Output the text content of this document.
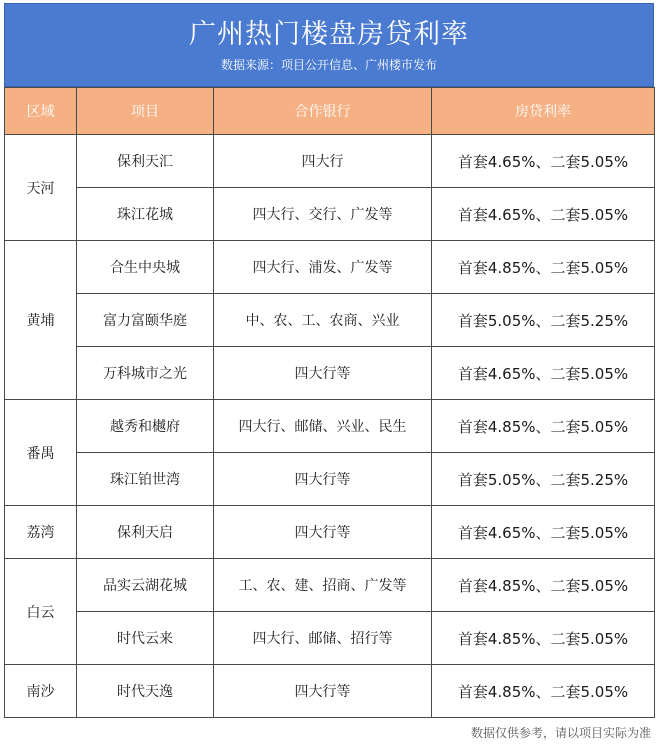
广州热门楼盘房贷利率
数据来源：项目公开信息、广州楼市发布
区域	项目	合作银行	房贷利率
天河	保利天汇	四大行	首套4.65%、二套5.05%
	珠江花城	四大行、交行、广发等	首套4.65%、二套5.05%
黄埔	合生中央城	四大行、浦发、广发等	首套4.85%、二套5.05%
	富力富颐华庭	中、农、工、农商、兴业	首套5.05%、二套5.25%
	万科城市之光	四大行等	首套4.65%、二套5.05%
番禺	越秀和樾府	四大行、邮储、兴业、民生	首套4.85%、二套5.05%
	珠江铂世湾	四大行等	首套5.05%、二套5.25%
荔湾	保利天启	四大行等	首套4.65%、二套5.05%
白云	品实云湖花城	工、农、建、招商、广发等	首套4.85%、二套5.05%
	时代云来	四大行、邮储、招行等	首套4.85%、二套5.05%
南沙	时代天逸	四大行等	首套4.85%、二套5.05%
数据仅供参考，请以项目实际为准
